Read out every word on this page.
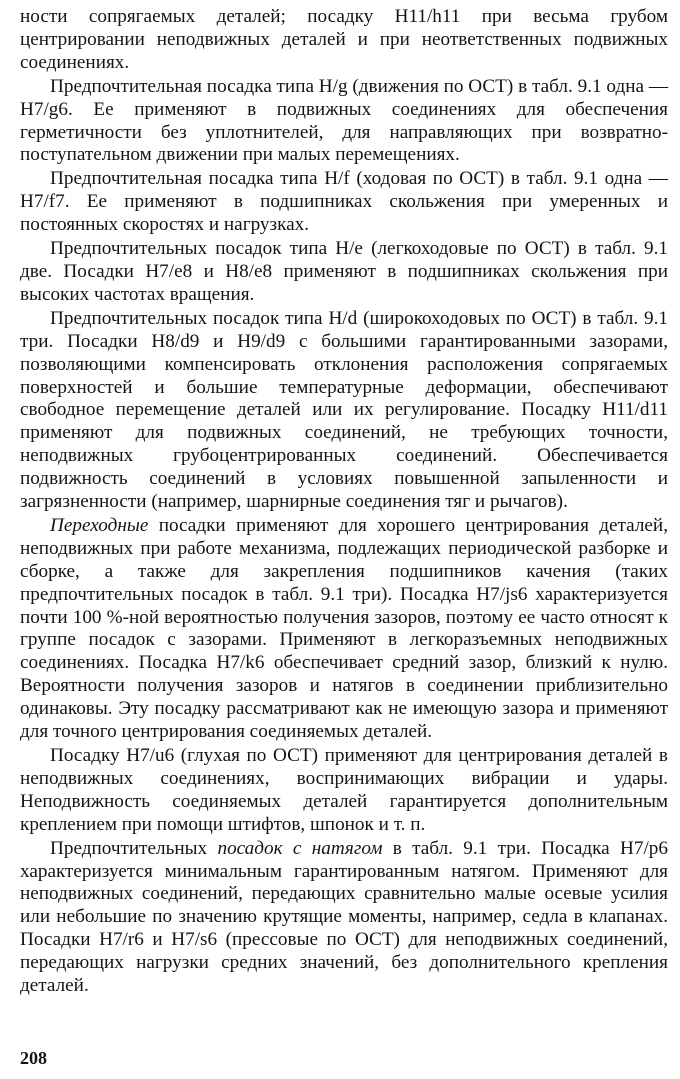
ности сопрягаемых деталей; посадку H11/h11 при весьма грубом центрировании неподвижных деталей и при неответственных подвижных соединениях.

Предпочтительная посадка типа H/g (движения по ОСТ) в табл. 9.1 одна — H7/g6. Ее применяют в подвижных соединениях для обеспечения герметичности без уплотнителей, для направляющих при возвратно-поступательном движении при малых перемещениях.

Предпочтительная посадка типа H/f (ходовая по ОСТ) в табл. 9.1 одна — H7/f7. Ее применяют в подшипниках скольжения при умеренных и постоянных скоростях и нагрузках.

Предпочтительных посадок типа H/e (легкоходовые по ОСТ) в табл. 9.1 две. Посадки H7/e8 и H8/e8 применяют в подшипниках скольжения при высоких частотах вращения.

Предпочтительных посадок типа H/d (широкоходовых по ОСТ) в табл. 9.1 три. Посадки H8/d9 и H9/d9 с большими гарантированными зазорами, позволяющими компенсировать отклонения расположения сопрягаемых поверхностей и большие температурные деформации, обеспечивают свободное перемещение деталей или их регулирование. Посадку H11/d11 применяют для подвижных соединений, не требующих точности, неподвижных грубоцентрированных соединений. Обеспечивается подвижность соединений в условиях повышенной запыленности и загрязненности (например, шарнирные соединения тяг и рычагов).

Переходные посадки применяют для хорошего центрирования деталей, неподвижных при работе механизма, подлежащих периодической разборке и сборке, а также для закрепления подшипников качения (таких предпочтительных посадок в табл. 9.1 три). Посадка H7/js6 характеризуется почти 100 %-ной вероятностью получения зазоров, поэтому ее часто относят к группе посадок с зазорами. Применяют в легкоразъемных неподвижных соединениях. Посадка H7/k6 обеспечивает средний зазор, близкий к нулю. Вероятности получения зазоров и натягов в соединении приблизительно одинаковы. Эту посадку рассматривают как не имеющую зазора и применяют для точного центрирования соединяемых деталей.

Посадку H7/u6 (глухая по ОСТ) применяют для центрирования деталей в неподвижных соединениях, воспринимающих вибрации и удары. Неподвижность соединяемых деталей гарантируется дополнительным креплением при помощи штифтов, шпонок и т. п.

Предпочтительных посадок с натягом в табл. 9.1 три. Посадка H7/p6 характеризуется минимальным гарантированным натягом. Применяют для неподвижных соединений, передающих сравнительно малые осевые усилия или небольшие по значению крутящие моменты, например, седла в клапанах. Посадки H7/r6 и H7/s6 (прессовые по ОСТ) для неподвижных соединений, передающих нагрузки средних значений, без дополнительного крепления деталей.

208
